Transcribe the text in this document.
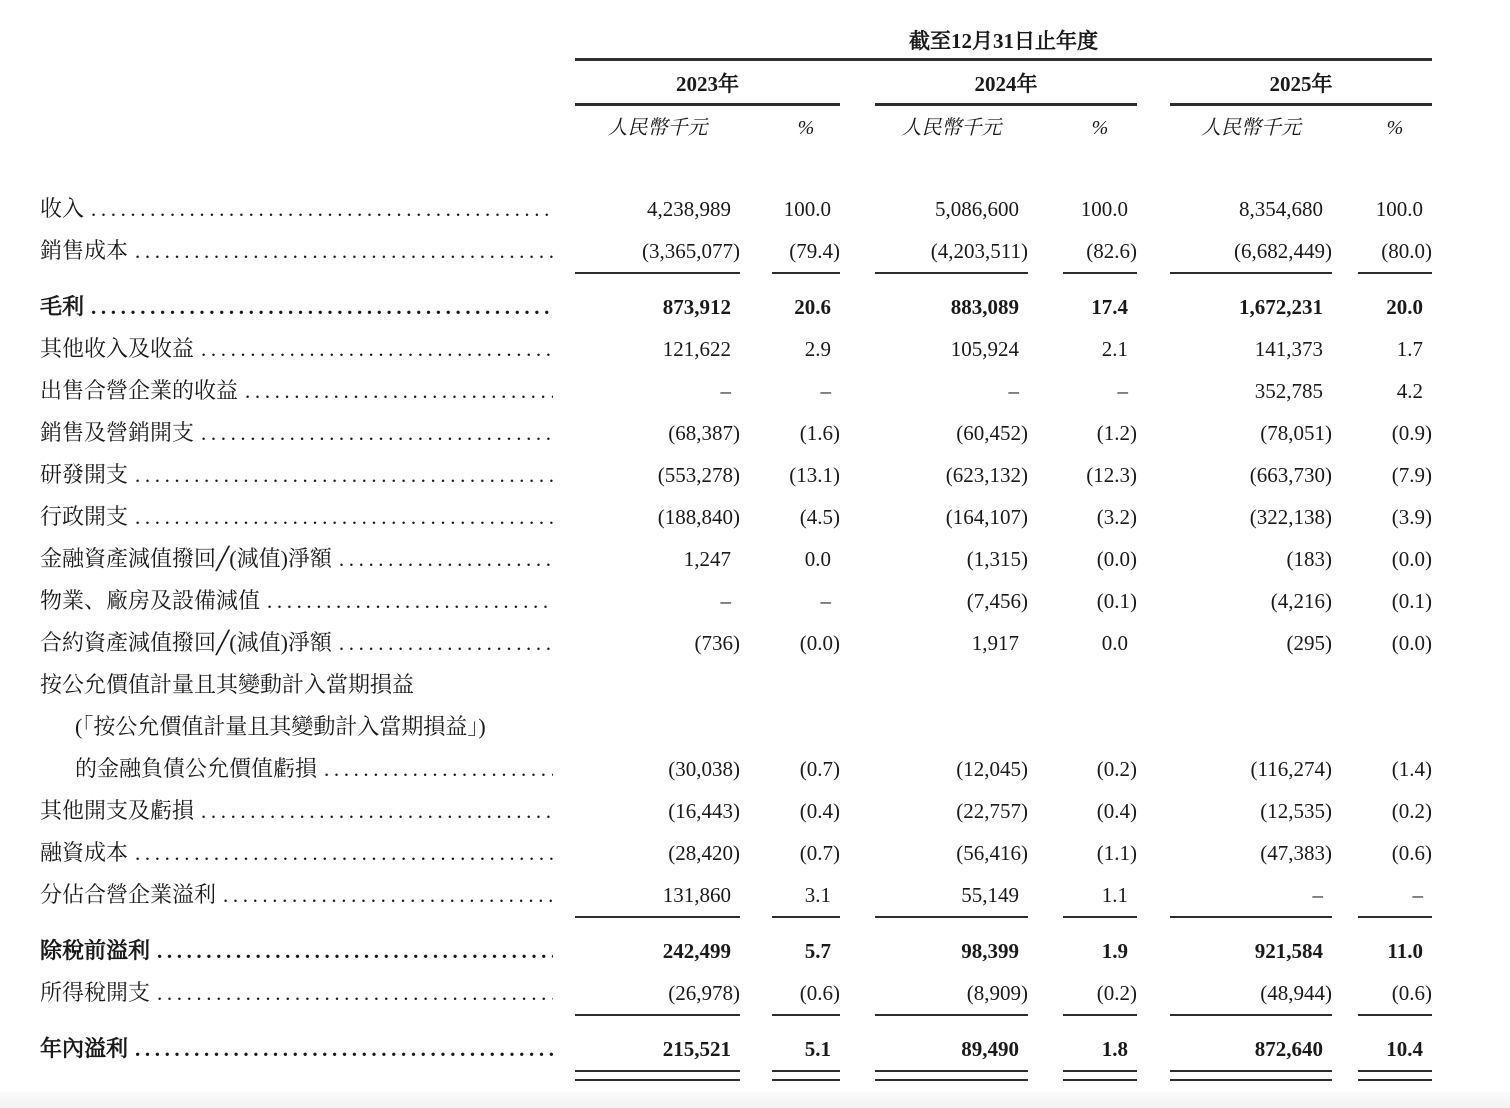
截至12月31日止年度
2023年	2024年	2025年
人民幣千元	%	人民幣千元	%	人民幣千元	%
收入 .....	4,238,989	100.0	5,086,600	100.0	8,354,680	100.0
銷售成本 .....	(3,365,077)	(79.4)	(4,203,511)	(82.6)	(6,682,449)	(80.0)
毛利 .....	873,912	20.6	883,089	17.4	1,672,231	20.0
其他收入及收益 .....	121,622	2.9	105,924	2.1	141,373	1.7
出售合營企業的收益 .....	–	–	–	–	352,785	4.2
銷售及營銷開支 .....	(68,387)	(1.6)	(60,452)	(1.2)	(78,051)	(0.9)
研發開支 .....	(553,278)	(13.1)	(623,132)	(12.3)	(663,730)	(7.9)
行政開支 .....	(188,840)	(4.5)	(164,107)	(3.2)	(322,138)	(3.9)
金融資產減值撥回╱(減值)淨額 .....	1,247	0.0	(1,315)	(0.0)	(183)	(0.0)
物業、廠房及設備減值 .....	–	–	(7,456)	(0.1)	(4,216)	(0.1)
合約資產減值撥回╱(減值)淨額 .....	(736)	(0.0)	1,917	0.0	(295)	(0.0)
按公允價值計量且其變動計入當期損益
(「按公允價值計量且其變動計入當期損益」)
的金融負債公允價值虧損 .....	(30,038)	(0.7)	(12,045)	(0.2)	(116,274)	(1.4)
其他開支及虧損 .....	(16,443)	(0.4)	(22,757)	(0.4)	(12,535)	(0.2)
融資成本 .....	(28,420)	(0.7)	(56,416)	(1.1)	(47,383)	(0.6)
分佔合營企業溢利 .....	131,860	3.1	55,149	1.1	–	–
除稅前溢利 .....	242,499	5.7	98,399	1.9	921,584	11.0
所得稅開支 .....	(26,978)	(0.6)	(8,909)	(0.2)	(48,944)	(0.6)
年內溢利 .....	215,521	5.1	89,490	1.8	872,640	10.4
